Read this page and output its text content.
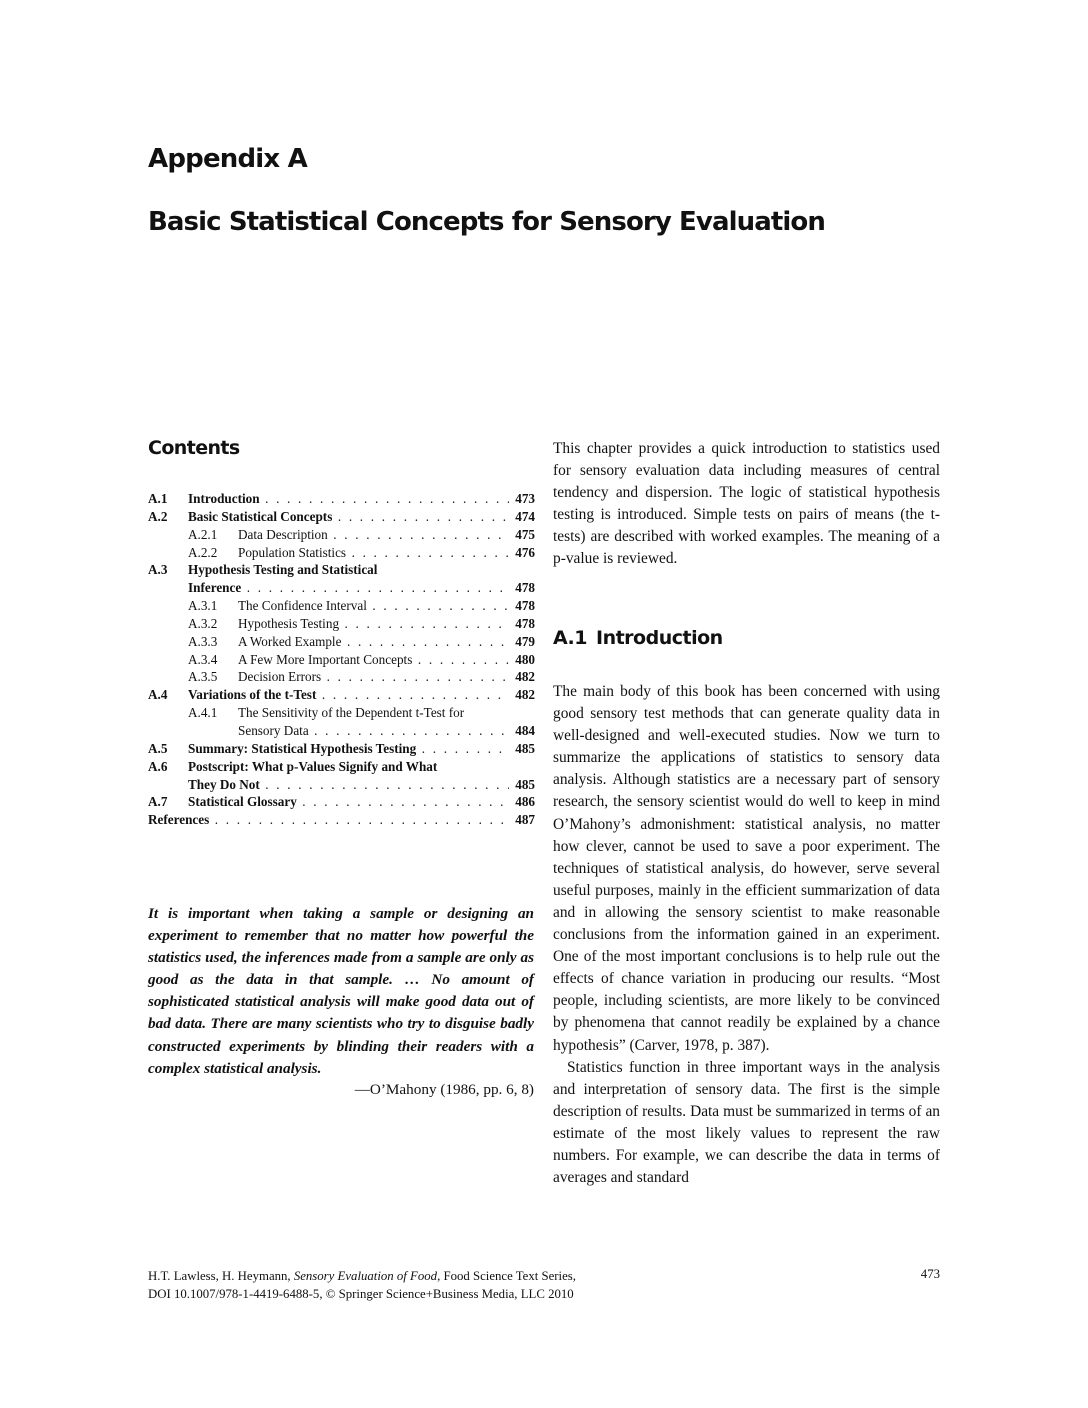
Appendix A
Basic Statistical Concepts for Sensory Evaluation
Contents
A.1 Introduction . . .	473
A.2 Basic Statistical Concepts . . .	474
A.2.1 Data Description . . .	475
A.2.2 Population Statistics . . .	476
A.3 Hypothesis Testing and Statistical
Inference . . .	478
A.3.1 The Confidence Interval . . .	478
A.3.2 Hypothesis Testing . . .	478
A.3.3 A Worked Example . . .	479
A.3.4 A Few More Important Concepts . . .	480
A.3.5 Decision Errors . . .	482
A.4 Variations of the t-Test . . .	482
A.4.1 The Sensitivity of the Dependent t-Test for
Sensory Data . . .	484
A.5 Summary: Statistical Hypothesis Testing . . .	485
A.6 Postscript: What p-Values Signify and What
They Do Not . . .	485
A.7 Statistical Glossary . . .	486
References . . .	487
It is important when taking a sample or designing an experiment to remember that no matter how powerful the statistics used, the inferences made from a sample are only as good as the data in that sample. … No amount of sophisticated statistical analysis will make good data out of bad data. There are many scientists who try to disguise badly constructed experiments by blinding their readers with a complex statistical analysis.
—O’Mahony (1986, pp. 6, 8)
This chapter provides a quick introduction to statistics used for sensory evaluation data including measures of central tendency and dispersion. The logic of statistical hypothesis testing is introduced. Simple tests on pairs of means (the t-tests) are described with worked examples. The meaning of a p-value is reviewed.
A.1 Introduction

The main body of this book has been concerned with using good sensory test methods that can generate quality data in well-designed and well-executed studies. Now we turn to summarize the applications of statistics to sensory data analysis. Although statistics are a necessary part of sensory research, the sensory scientist would do well to keep in mind O’Mahony’s admonishment: statistical analysis, no matter how clever, cannot be used to save a poor experiment. The techniques of statistical analysis, do however, serve several useful purposes, mainly in the efficient summarization of data and in allowing the sensory scientist to make reasonable conclusions from the information gained in an experiment. One of the most important conclusions is to help rule out the effects of chance variation in producing our results. “Most people, including scientists, are more likely to be convinced by phenomena that cannot readily be explained by a chance hypothesis” (Carver, 1978, p. 387).

Statistics function in three important ways in the analysis and interpretation of sensory data. The first is the simple description of results. Data must be summarized in terms of an estimate of the most likely values to represent the raw numbers. For example, we can describe the data in terms of averages and standard

H.T. Lawless, H. Heymann, Sensory Evaluation of Food, Food Science Text Series,
DOI 10.1007/978-1-4419-6488-5, © Springer Science+Business Media, LLC 2010
473
